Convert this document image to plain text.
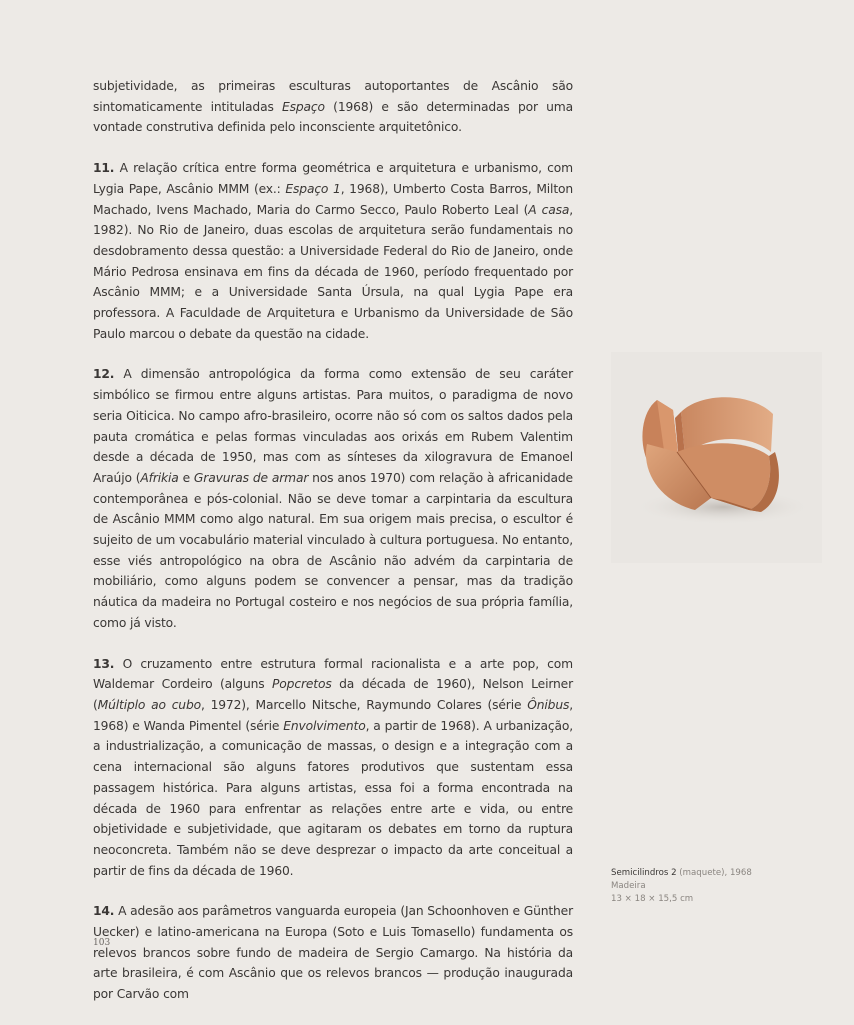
subjetividade, as primeiras esculturas autoportantes de Ascânio são sintomaticamente intituladas Espaço (1968) e são determinadas por uma vontade construtiva definida pelo inconsciente arquitetônico.

11. A relação crítica entre forma geométrica e arquitetura e urbanismo, com Lygia Pape, Ascânio MMM (ex.: Espaço 1, 1968), Umberto Costa Barros, Milton Machado, Ivens Machado, Maria do Carmo Secco, Paulo Roberto Leal (A casa, 1982). No Rio de Janeiro, duas escolas de arquitetura serão fundamentais no desdobramento dessa questão: a Universidade Federal do Rio de Janeiro, onde Mário Pedrosa ensinava em fins da década de 1960, período frequentado por Ascânio MMM; e a Universidade Santa Úrsula, na qual Lygia Pape era professora. A Faculdade de Arquitetura e Urbanismo da Universidade de São Paulo marcou o debate da questão na cidade.

12. A dimensão antropológica da forma como extensão de seu caráter simbólico se firmou entre alguns artistas. Para muitos, o paradigma de novo seria Oiticica. No campo afro-brasileiro, ocorre não só com os saltos dados pela pauta cromática e pelas formas vinculadas aos orixás em Rubem Valentim desde a década de 1950, mas com as sínteses da xilogravura de Emanoel Araújo (Afrikia e Gravuras de armar nos anos 1970) com relação à africanidade contemporânea e pós-colonial. Não se deve tomar a carpintaria da escultura de Ascânio MMM como algo natural. Em sua origem mais precisa, o escultor é sujeito de um vocabulário material vinculado à cultura portuguesa. No entanto, esse viés antropológico na obra de Ascânio não advém da carpintaria de mobiliário, como alguns podem se convencer a pensar, mas da tradição náutica da madeira no Portugal costeiro e nos negócios de sua própria família, como já visto.

13. O cruzamento entre estrutura formal racionalista e a arte pop, com Waldemar Cordeiro (alguns Popcretos da década de 1960), Nelson Leirner (Múltiplo ao cubo, 1972), Marcello Nitsche, Raymundo Colares (série Ônibus, 1968) e Wanda Pimentel (série Envolvimento, a partir de 1968). A urbanização, a industrialização, a comunicação de massas, o design e a integração com a cena internacional são alguns fatores produtivos que sustentam essa passagem histórica. Para alguns artistas, essa foi a forma encontrada na década de 1960 para enfrentar as relações entre arte e vida, ou entre objetividade e subjetividade, que agitaram os debates em torno da ruptura neoconcreta. Também não se deve desprezar o impacto da arte conceitual a partir de fins da década de 1960.

14. A adesão aos parâmetros vanguarda europeia (Jan Schoonhoven e Günther Uecker) e latino-americana na Europa (Soto e Luis Tomasello) fundamenta os relevos brancos sobre fundo de madeira de Sergio Camargo. Na história da arte brasileira, é com Ascânio que os relevos brancos — produção inaugurada por Carvão com

Semicilindros 2 (maquete), 1968
Madeira
13 × 18 × 15,5 cm
103
